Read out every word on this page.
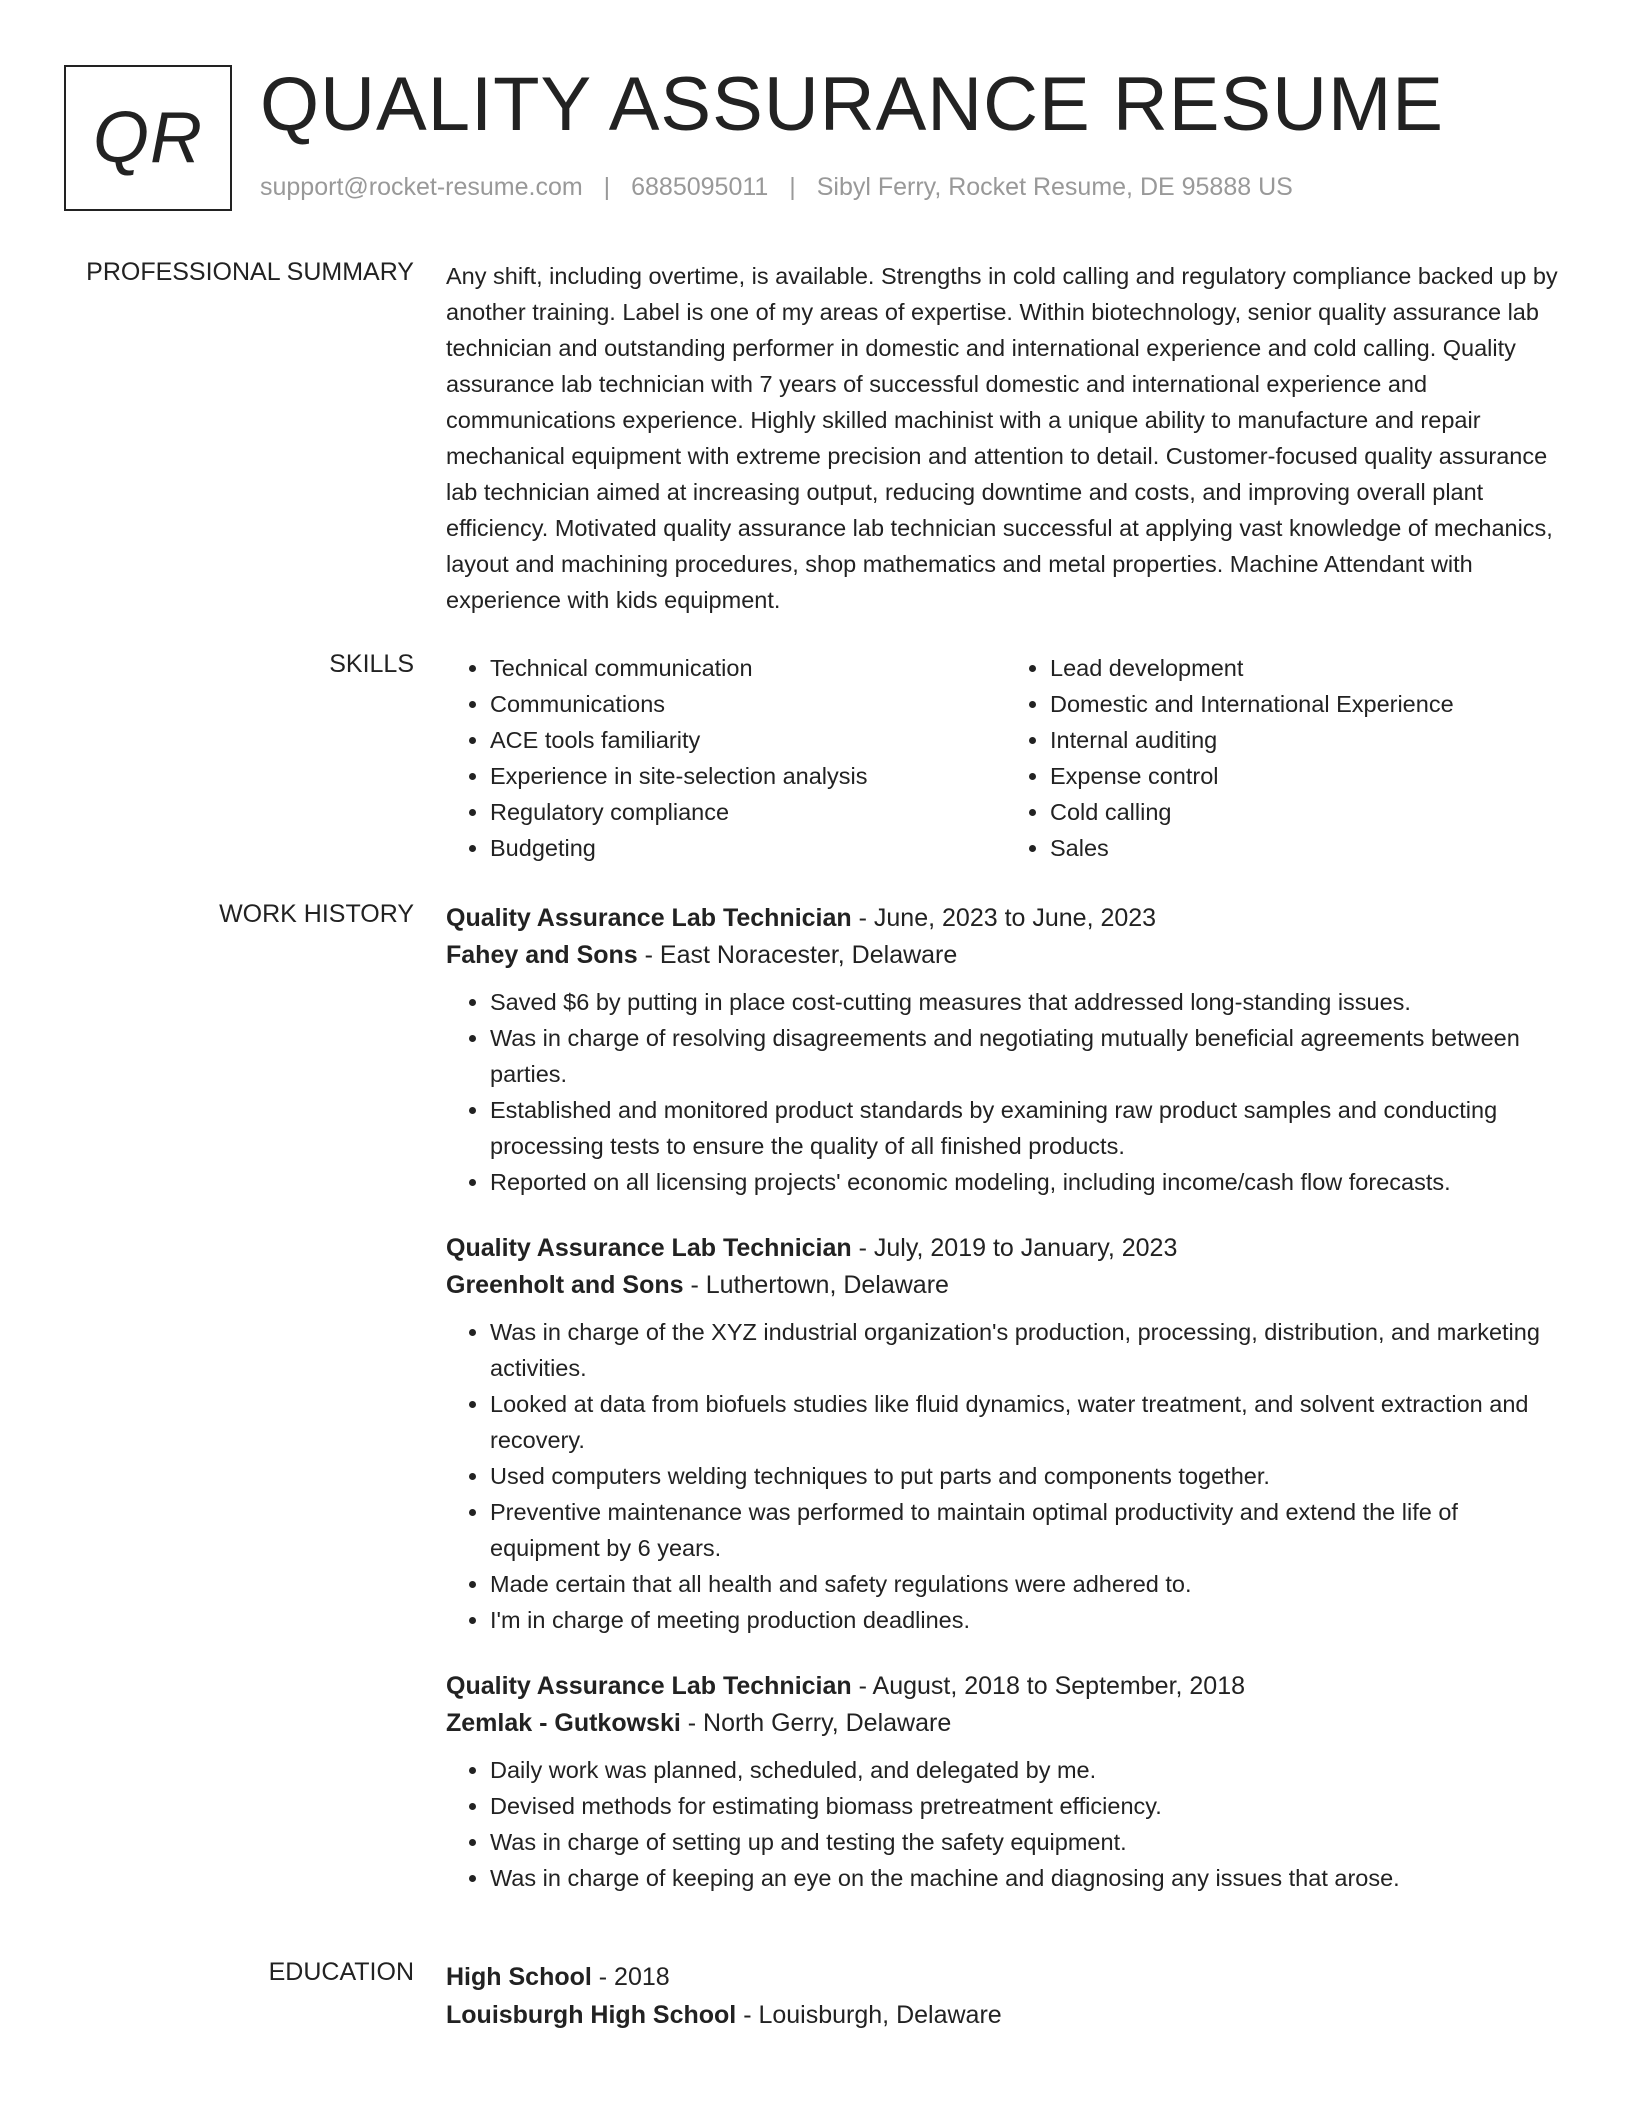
QR QUALITY ASSURANCE RESUME
support@rocket-resume.com | 6885095011 | Sibyl Ferry, Rocket Resume, DE 95888 US
PROFESSIONAL SUMMARY Any shift, including overtime, is available. Strengths in cold calling and regulatory compliance backed up by another training. Label is one of my areas of expertise. Within biotechnology, senior quality assurance lab technician and outstanding performer in domestic and international experience and cold calling. Quality assurance lab technician with 7 years of successful domestic and international experience and communications experience. Highly skilled machinist with a unique ability to manufacture and repair mechanical equipment with extreme precision and attention to detail. Customer-focused quality assurance lab technician aimed at increasing output, reducing downtime and costs, and improving overall plant efficiency. Motivated quality assurance lab technician successful at applying vast knowledge of mechanics, layout and machining procedures, shop mathematics and metal properties. Machine Attendant with experience with kids equipment.

SKILLS
•	Technical communication
• Communications
• ACE tools familiarity
• Experience in site-selection analysis
• Regulatory compliance
• Budgeting
• Lead development
• Domestic and International Experience
• Internal auditing
• Expense control
• Cold calling
• Sales
WORK HISTORY Quality Assurance Lab Technician - June, 2023 to June, 2023

Fahey and Sons - East Noracester, Delaware

• Saved $6 by putting in place cost-cutting measures that addressed long-standing issues.
• Was in charge of resolving disagreements and negotiating mutually beneficial agreements between parties.
• Established and monitored product standards by examining raw product samples and conducting processing tests to ensure the quality of all finished products.
• Reported on all licensing projects' economic modeling, including income/cash flow forecasts.

Quality Assurance Lab Technician - July, 2019 to January, 2023

Greenholt and Sons - Luthertown, Delaware

• Was in charge of the XYZ industrial organization's production, processing, distribution, and marketing activities.
• Looked at data from biofuels studies like fluid dynamics, water treatment, and solvent extraction and recovery.
• Used computers welding techniques to put parts and components together.
• Preventive maintenance was performed to maintain optimal productivity and extend the life of equipment by 6 years.
• Made certain that all health and safety regulations were adhered to.
• I'm in charge of meeting production deadlines.

Quality Assurance Lab Technician - August, 2018 to September, 2018

Zemlak - Gutkowski - North Gerry, Delaware

• Daily work was planned, scheduled, and delegated by me.
• Devised methods for estimating biomass pretreatment efficiency.
• Was in charge of setting up and testing the safety equipment.
• Was in charge of keeping an eye on the machine and diagnosing any issues that arose.
EDUCATION High School - 2018

Louisburgh High School - Louisburgh, Delaware
